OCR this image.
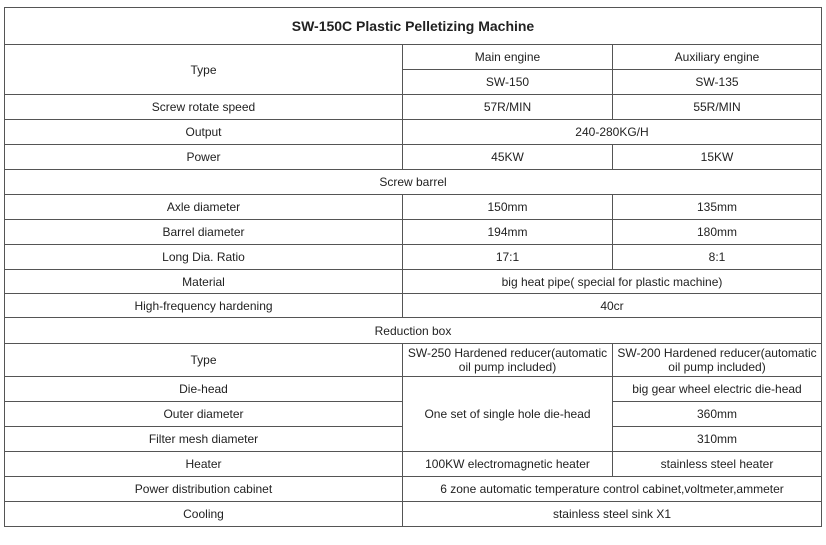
SW-150C Plastic Pelletizing Machine		
Type	Main engine	Auxiliary engine
	SW-150	SW-135
Screw rotate speed	57R/MIN	55R/MIN
Output	240-280KG/H	
Power	45KW	15KW
Screw barrel		
Axle diameter	150mm	135mm
Barrel diameter	194mm	180mm
Long Dia. Ratio	17:1	8:1
Material	big heat pipe( special for plastic machine)	
High-frequency hardening	40cr	
Reduction box		
Type	SW-250 Hardened reducer(automatic oil pump included)	SW-200 Hardened reducer(automatic oil pump included)
Die-head	One set of single hole die-head	big gear wheel electric die-head
Outer diameter		360mm
Filter mesh diameter		310mm
Heater	100KW electromagnetic heater	stainless steel heater
Power distribution cabinet	6 zone automatic temperature control cabinet,voltmeter,ammeter	
Cooling	stainless steel sink X1	
